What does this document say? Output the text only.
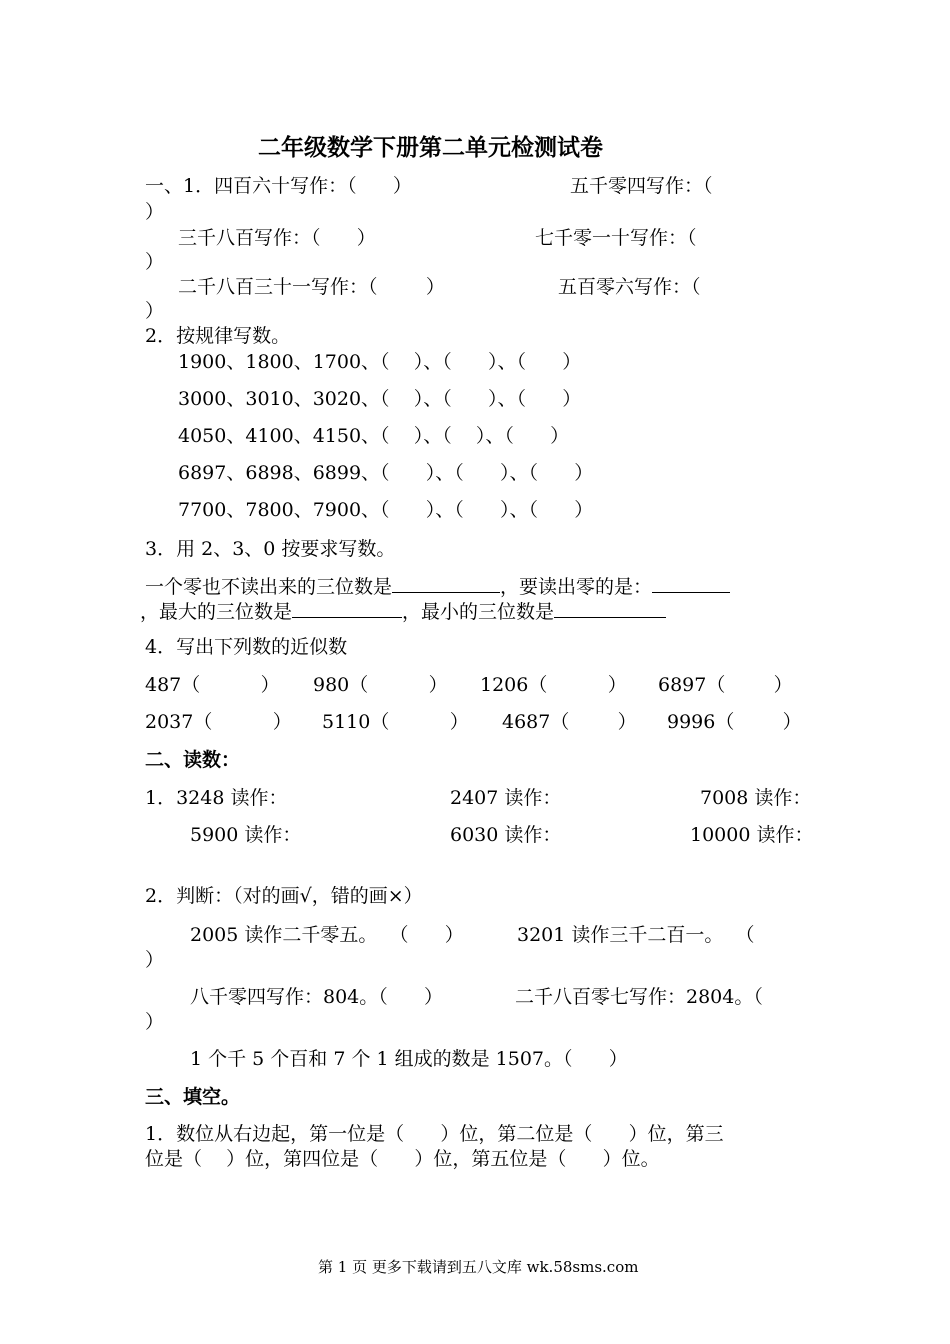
二年级数学下册第二单元检测试卷
一、1．四百六十写作：（      ）	五千零四写作：（
）
三千八百写作：（      ）	七千零一十写作：（
）
二千八百三十一写作：（        ）	五百零六写作：（
）
2．按规律写数。
1900、1800、1700、（    ）、（      ）、（      ）
3000、3010、3020、（    ）、（      ）、（      ）
4050、4100、4150、（    ）、（    ）、（      ）
6897、6898、6899、（      ）、（      ）、（      ）
7700、7800、7900、（      ）、（      ）、（      ）
3．用 2、3、0 按要求写数。
一个零也不读出来的三位数是	，要读出零的是：
，最大的三位数是	，最小的三位数是
4．写出下列数的近似数
487（          ） 980（          ） 1206（          ） 6897（        ）
2037（          ） 5110（          ） 4687（        ） 9996（        ）
二、读数：
1．3248 读作：	2407 读作：	7008 读作：
5900 读作：	6030 读作：	10000 读作：
2．判断：（对的画√，错的画×）
2005 读作二千零五。  （      ）	3201 读作三千二百一。  （
）
八千零四写作：804。（      ）	二千八百零七写作：2804。（
）
1 个千 5 个百和 7 个 1 组成的数是 1507。（      ）
三、填空。
1．数位从右边起，第一位是（      ）位，第二位是（      ）位，第三
位是（    ）位，第四位是（      ）位，第五位是（      ）位。
第 1 页 更多下载请到五八文库 wk.58sms.com
